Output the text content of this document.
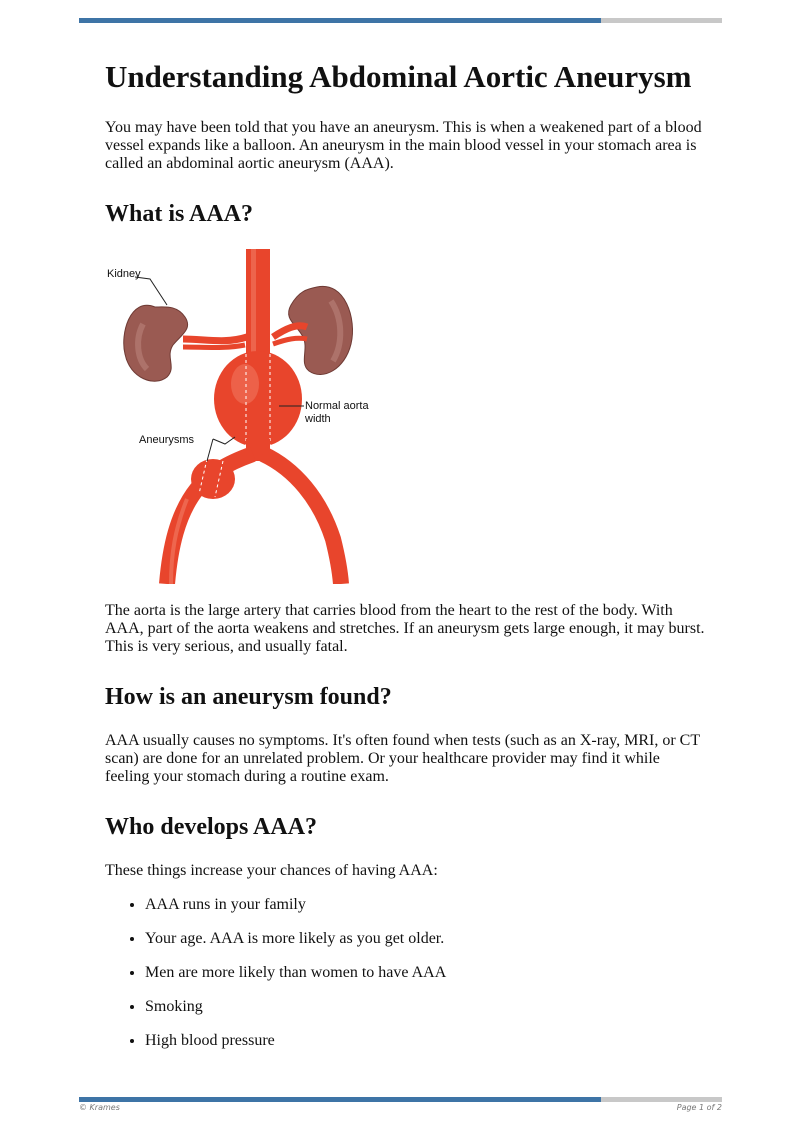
Understanding Abdominal Aortic Aneurysm

You may have been told that you have an aneurysm. This is when a weakened part of a blood vessel expands like a balloon. An aneurysm in the main blood vessel in your stomach area is called an abdominal aortic aneurysm (AAA).

What is AAA?
Kidney
Normal aorta
width
Aneurysms

The aorta is the large artery that carries blood from the heart to the rest of the body. With AAA, part of the aorta weakens and stretches. If an aneurysm gets large enough, it may burst. This is very serious, and usually fatal.

How is an aneurysm found?

AAA usually causes no symptoms. It's often found when tests (such as an X-ray, MRI, or CT scan) are done for an unrelated problem. Or your healthcare provider may find it while feeling your stomach during a routine exam.

Who develops AAA?

These things increase your chances of having AAA:

• AAA runs in your family
• Your age. AAA is more likely as you get older.
• Men are more likely than women to have AAA
• Smoking
• High blood pressure
© Krames	Page 1 of 2
